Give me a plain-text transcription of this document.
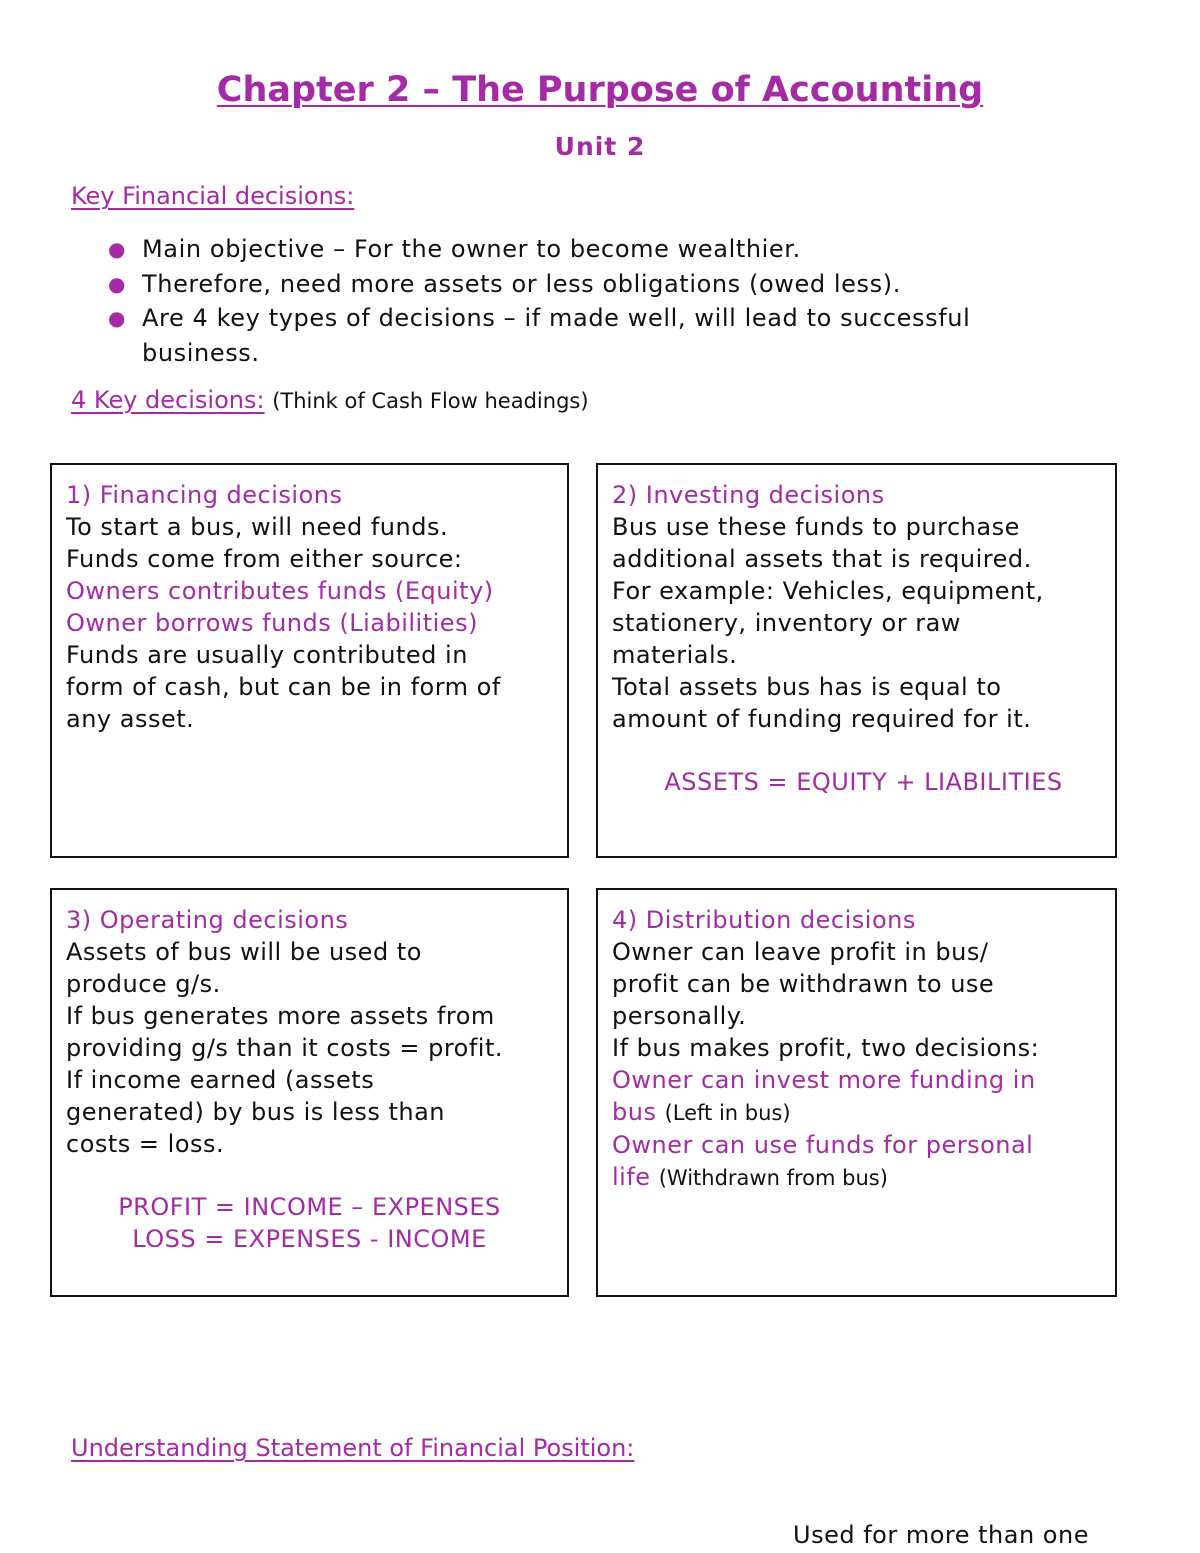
Chapter 2 – The Purpose of Accounting
Unit 2
Key Financial decisions:
● Main objective – For the owner to become wealthier.
● Therefore, need more assets or less obligations (owed less).
● Are 4 key types of decisions – if made well, will lead to successful
business.
4 Key decisions: (Think of Cash Flow headings)
1) Financing decisions
To start a bus, will need funds.
Funds come from either source:
Owners contributes funds (Equity)
Owner borrows funds (Liabilities)
Funds are usually contributed in
form of cash, but can be in form of
any asset.
2) Investing decisions
Bus use these funds to purchase
additional assets that is required.
For example: Vehicles, equipment,
stationery, inventory or raw
materials.
Total assets bus has is equal to
amount of funding required for it.
ASSETS = EQUITY + LIABILITIES
3) Operating decisions
Assets of bus will be used to
produce g/s.
If bus generates more assets from
providing g/s than it costs = profit.
If income earned (assets
generated) by bus is less than
costs = loss.
PROFIT = INCOME – EXPENSES
LOSS = EXPENSES - INCOME
4) Distribution decisions
Owner can leave profit in bus/
profit can be withdrawn to use
personally.
If bus makes profit, two decisions:
Owner can invest more funding in
bus (Left in bus)
Owner can use funds for personal
life (Withdrawn from bus)
Understanding Statement of Financial Position:
Used for more than one
